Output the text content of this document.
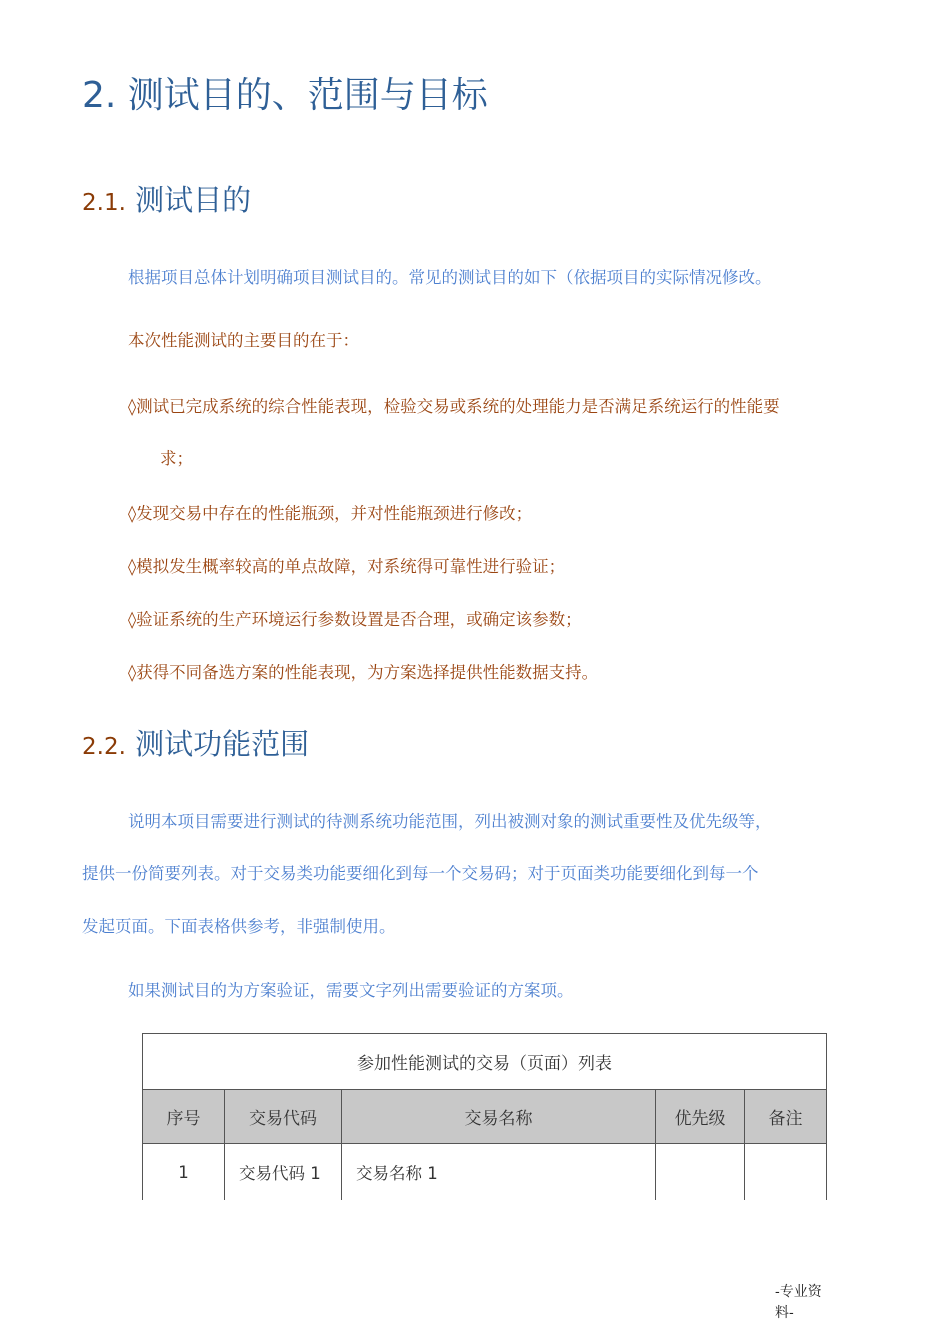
2. 测试目的、范围与目标
2.1. 测试目的
根据项目总体计划明确项目测试目的。常见的测试目的如下（依据项目的实际情况修改。
本次性能测试的主要目的在于：
◊测试已完成系统的综合性能表现，检验交易或系统的处理能力是否满足系统运行的性能要
求；
◊发现交易中存在的性能瓶颈，并对性能瓶颈进行修改；
◊模拟发生概率较高的单点故障，对系统得可靠性进行验证；
◊验证系统的生产环境运行参数设置是否合理，或确定该参数；
◊获得不同备选方案的性能表现，为方案选择提供性能数据支持。
2.2. 测试功能范围
说明本项目需要进行测试的待测系统功能范围，列出被测对象的测试重要性及优先级等，
提供一份简要列表。对于交易类功能要细化到每一个交易码；对于页面类功能要细化到每一个
发起页面。下面表格供参考，非强制使用。
如果测试目的为方案验证，需要文字列出需要验证的方案项。
参加性能测试的交易（页面）列表
序号	交易代码	交易名称	优先级	备注
1	交易代码 1	交易名称 1
-专业资料-
